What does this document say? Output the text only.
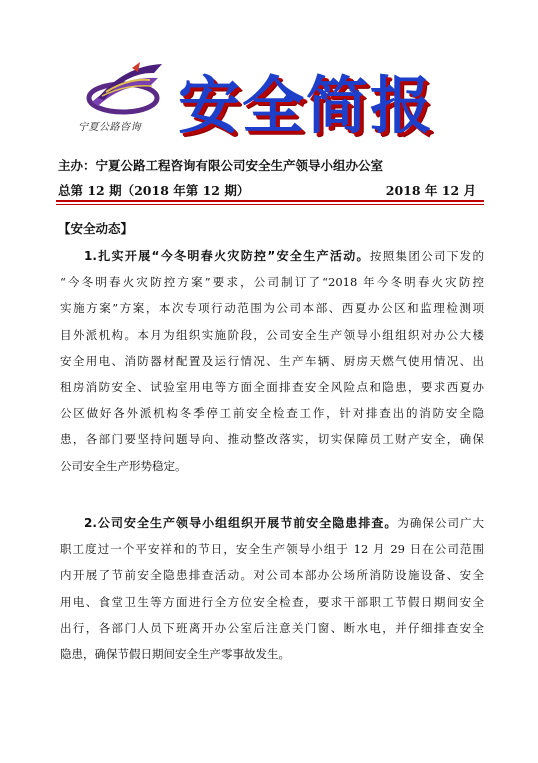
宁夏公路咨询 安全简报
主办：宁夏公路工程咨询有限公司安全生产领导小组办公室
总第 12 期（2018 年第 12 期）	2018 年 12 月
【安全动态】
1.扎实开展“今冬明春火灾防控”安全生产活动。按照集团公司下发的
“今冬明春火灾防控方案”要求，公司制订了“2018 年今冬明春火灾防控
实施方案”方案，本次专项行动范围为公司本部、西夏办公区和监理检测项
目外派机构。本月为组织实施阶段，公司安全生产领导小组组织对办公大楼
安全用电、消防器材配置及运行情况、生产车辆、厨房天燃气使用情况、出
租房消防安全、试验室用电等方面全面排查安全风险点和隐患，要求西夏办
公区做好各外派机构冬季停工前安全检查工作，针对排查出的消防安全隐
患，各部门要坚持问题导向、推动整改落实，切实保障员工财产安全，确保
公司安全生产形势稳定。
2.公司安全生产领导小组组织开展节前安全隐患排查。为确保公司广大
职工度过一个平安祥和的节日，安全生产领导小组于 12 月 29 日在公司范围
内开展了节前安全隐患排查活动。对公司本部办公场所消防设施设备、安全
用电、食堂卫生等方面进行全方位安全检查，要求干部职工节假日期间安全
出行，各部门人员下班离开办公室后注意关门窗、断水电，并仔细排查安全
隐患，确保节假日期间安全生产零事故发生。
